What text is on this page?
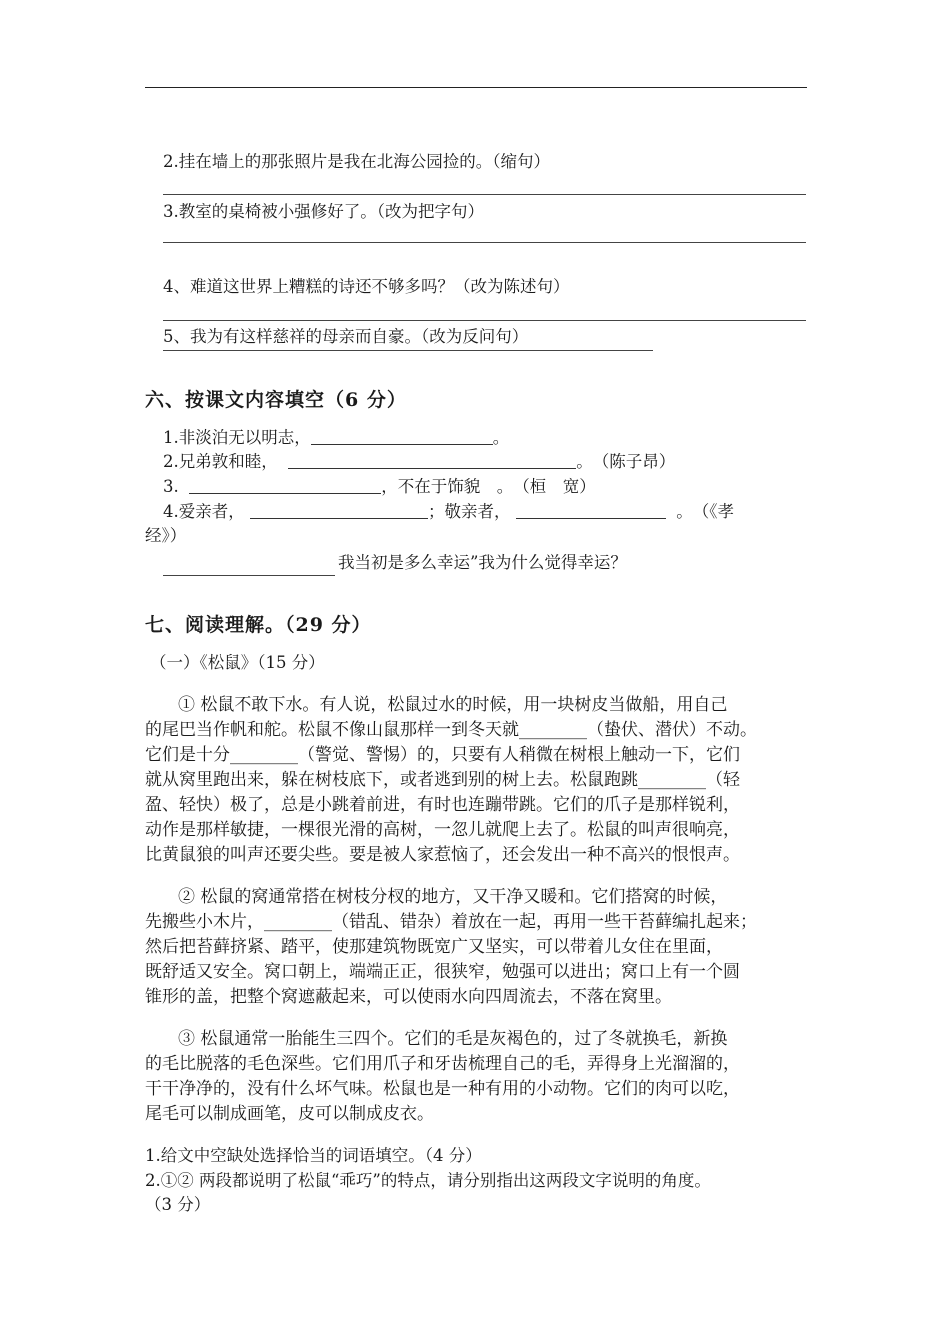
2.挂在墙上的那张照片是我在北海公园捡的。（缩句）
3.教室的桌椅被小强修好了。（改为把字句）
4、难道这世界上糟糕的诗还不够多吗？（改为陈述句）
5、我为有这样慈祥的母亲而自豪。（改为反问句）
六、按课文内容填空（6 分）
1.非淡泊无以明志，	。
2.兄弟敦和睦，	。　（陈子昂）
3.	，不在于饰貌　。　（桓　宽）
4.爱亲者，	；敬亲者，	。　（《孝
经》）
我当初是多么幸运”我为什么觉得幸运？
七、阅读理解。（29 分）
（一）《松鼠》（15 分）
① 松鼠不敢下水。有人说，松鼠过水的时候，用一块树皮当做船，用自己
的尾巴当作帆和舵。松鼠不像山鼠那样一到冬天就________（蛰伏、潜伏）不动。
它们是十分________（警觉、警惕）的，只要有人稍微在树根上触动一下，它们
就从窝里跑出来，躲在树枝底下，或者逃到别的树上去。松鼠跑跳________（轻
盈、轻快）极了，总是小跳着前进，有时也连蹦带跳。它们的爪子是那样锐利，
动作是那样敏捷，一棵很光滑的高树，一忽儿就爬上去了。松鼠的叫声很响亮，
比黄鼠狼的叫声还要尖些。要是被人家惹恼了，还会发出一种不高兴的恨恨声。
② 松鼠的窝通常搭在树枝分杈的地方，又干净又暖和。它们搭窝的时候，
先搬些小木片，________（错乱、错杂）着放在一起，再用一些干苔藓编扎起来；
然后把苔藓挤紧、踏平，使那建筑物既宽广又坚实，可以带着儿女住在里面，
既舒适又安全。窝口朝上，端端正正，很狭窄，勉强可以进出；窝口上有一个圆
锥形的盖，把整个窝遮蔽起来，可以使雨水向四周流去，不落在窝里。
③ 松鼠通常一胎能生三四个。它们的毛是灰褐色的，过了冬就换毛，新换
的毛比脱落的毛色深些。它们用爪子和牙齿梳理自己的毛，弄得身上光溜溜的，
干干净净的，没有什么坏气味。松鼠也是一种有用的小动物。它们的肉可以吃，
尾毛可以制成画笔，皮可以制成皮衣。
1.给文中空缺处选择恰当的词语填空。（4 分）
2.①② 两段都说明了松鼠“乖巧”的特点，请分别指出这两段文字说明的角度。
（3 分）
